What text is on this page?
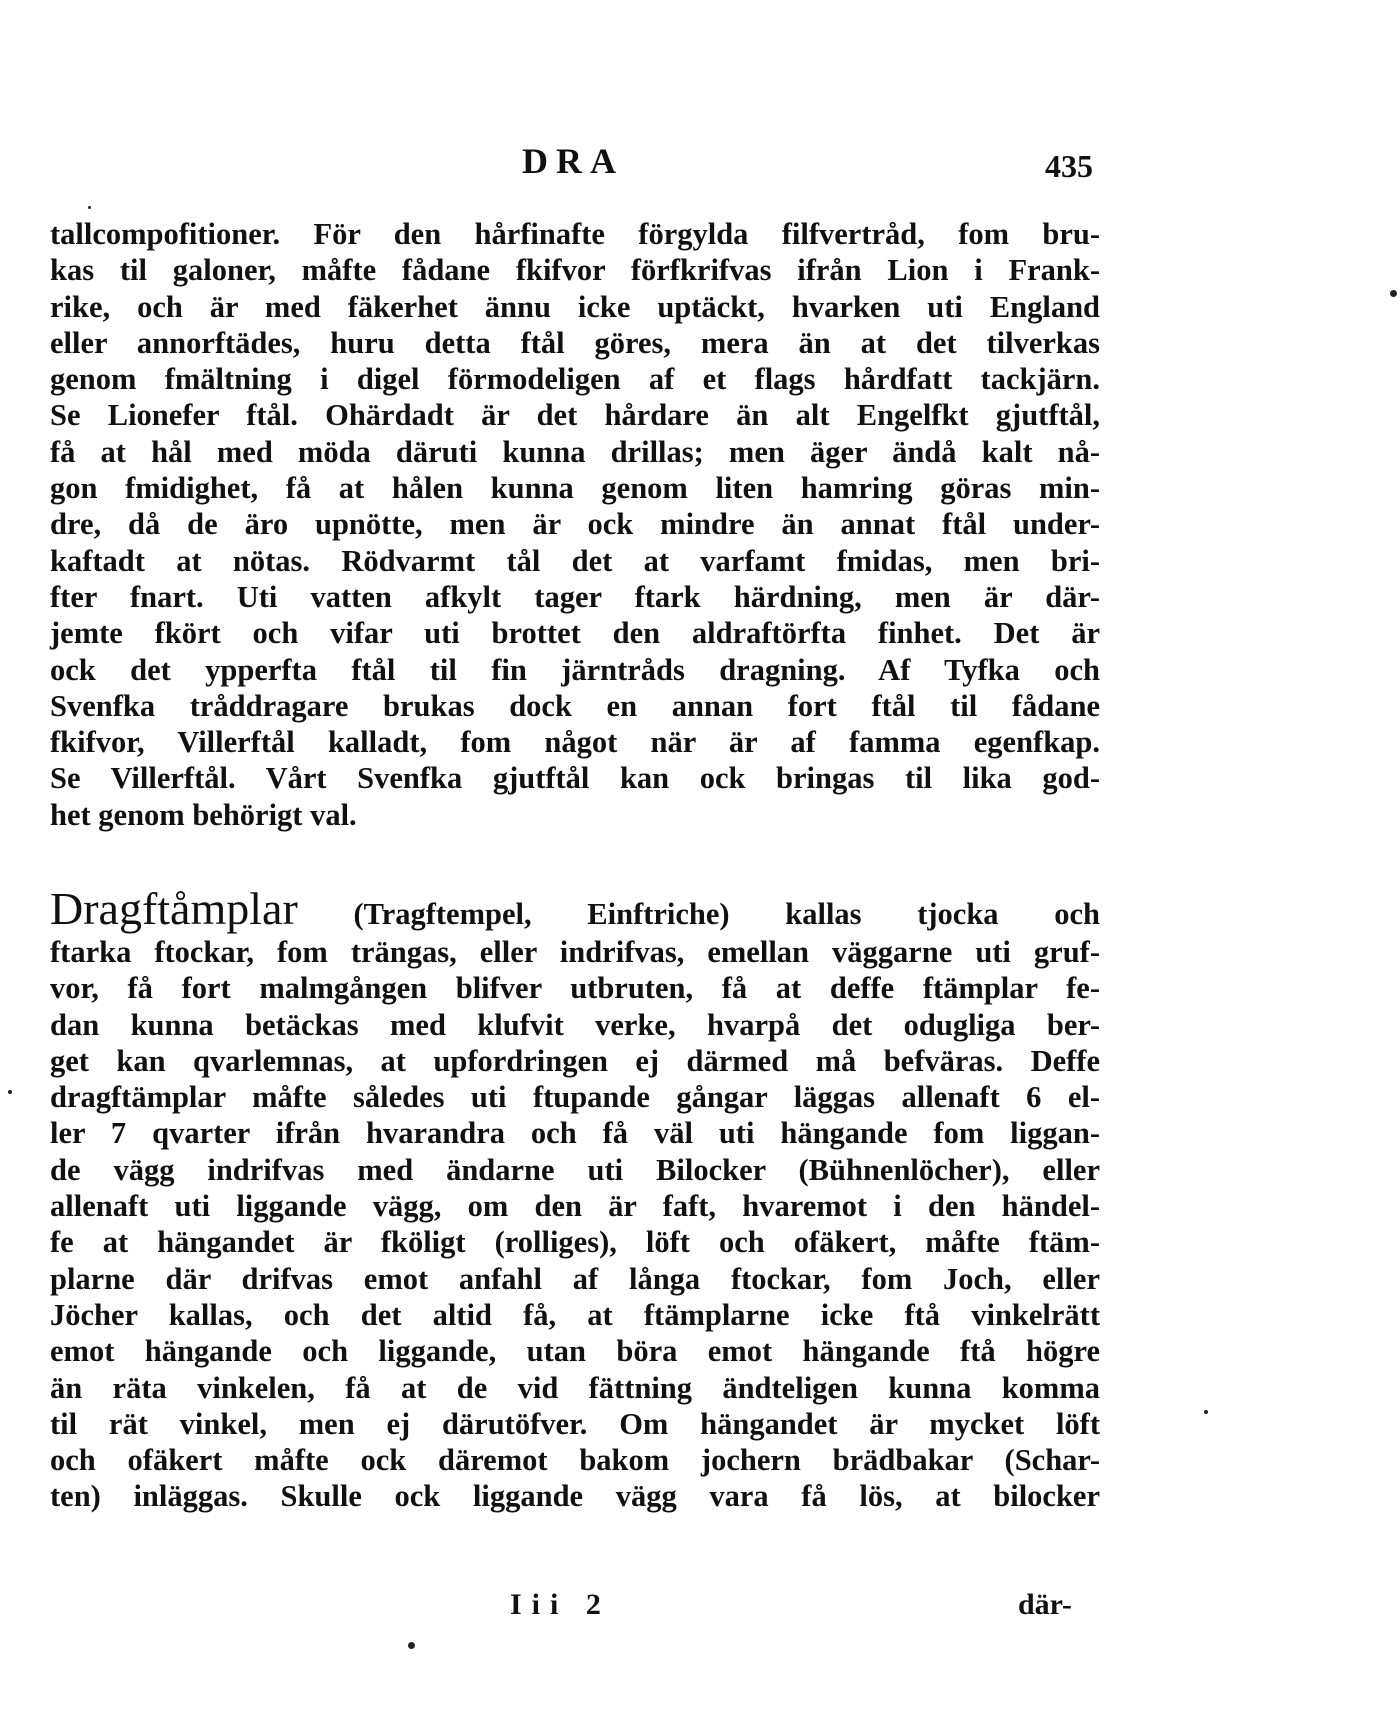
DRA	435
tallcompofitioner. För den hårfinafte förgylda filfvertråd, fom bru-
kas til galoner, måfte fådane fkifvor förfkrifvas ifrån Lion i Frank-
rike, och är med fäkerhet ännu icke uptäckt, hvarken uti England
eller annorftädes, huru detta ftål göres, mera än at det tilverkas
genom fmältning i digel förmodeligen af et flags hårdfatt tackjärn.
Se Lionefer ftål. Ohärdadt är det hårdare än alt Engelfkt gjutftål,
få at hål med möda däruti kunna drillas; men äger ändå kalt nå-
gon fmidighet, få at hålen kunna genom liten hamring göras min-
dre, då de äro upnötte, men är ock mindre än annat ftål under-
kaftadt at nötas. Rödvarmt tål det at varfamt fmidas, men bri-
fter fnart. Uti vatten afkylt tager ftark härdning, men är där-
jemte fkört och vifar uti brottet den aldraftörfta finhet. Det är
ock det ypperfta ftål til fin järntråds dragning. Af Tyfka och
Svenfka tråddragare brukas dock en annan fort ftål til fådane
fkifvor, Villerftål kalladt, fom något när är af famma egenfkap.
Se Villerftål. Vårt Svenfka gjutftål kan ock bringas til lika god-
het genom behörigt val.
Dragftåmplar (Tragftempel, Einftriche) kallas tjocka och
ftarka ftockar, fom trängas, eller indrifvas, emellan väggarne uti gruf-
vor, få fort malmgången blifver utbruten, få at deffe ftämplar fe-
dan kunna betäckas med klufvit verke, hvarpå det odugliga ber-
get kan qvarlemnas, at upfordringen ej därmed må befväras. Deffe
dragftämplar måfte således uti ftupande gångar läggas allenaft 6 el-
ler 7 qvarter ifrån hvarandra och få väl uti hängande fom liggan-
de vägg indrifvas med ändarne uti Bilocker (Bühnenlöcher), eller
allenaft uti liggande vägg, om den är faft, hvaremot i den händel-
fe at hängandet är fköligt (rolliges), löft och ofäkert, måfte ftäm-
plarne där drifvas emot anfahl af långa ftockar, fom Joch, eller
Jöcher kallas, och det altid få, at ftämplarne icke ftå vinkelrätt
emot hängande och liggande, utan böra emot hängande ftå högre
än räta vinkelen, få at de vid fättning ändteligen kunna komma
til rät vinkel, men ej därutöfver. Om hängandet är mycket löft
och ofäkert måfte ock däremot bakom jochern brädbakar (Schar-
ten) inläggas. Skulle ock liggande vägg vara få lös, at bilocker
Iii 2	där-
